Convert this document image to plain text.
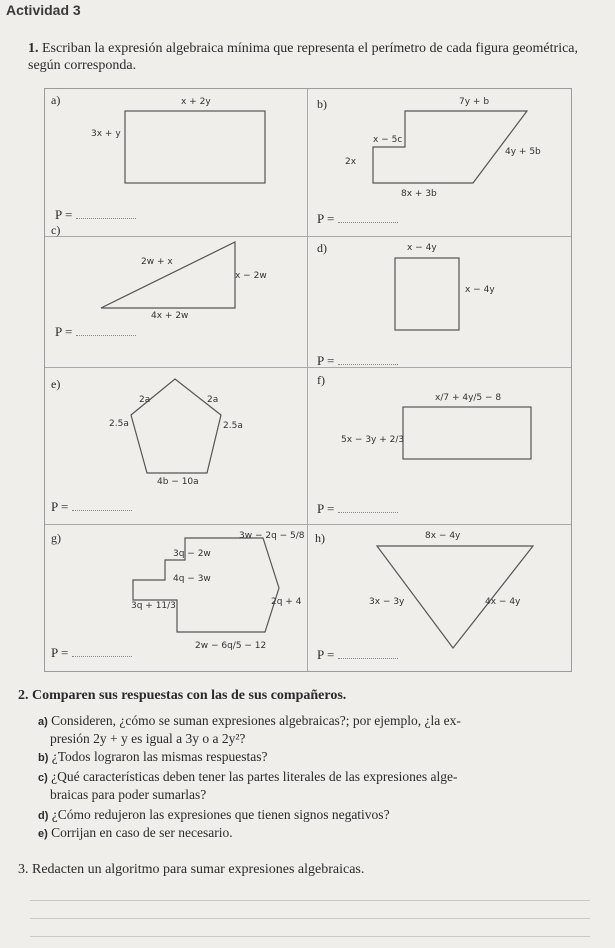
Actividad 3
1. Escriban la expresión algebraica mínima que representa el perímetro de cada figura geométrica, según corresponda.
a)	x + 2y
3x + y
P =
b)	7y + b
x − 5c
2x
4y + 5b
8x + 3b
P =
c)
2w + x
x − 2w
4x + 2w
P =
d)	x − 4y
x − 4y
P =
e)
2a	2a
2.5a	2.5a
4b − 10a
P =
f)
x/7 + 4y/5 − 8
5x − 3y + 2/3
P =
g)	3w − 2q − 5/8
3q − 2w
4q − 3w
3q + 11/3	2q + 4
2w − 6q/5 − 12
P =
h)	8x − 4y
3x − 3y	4x − 4y
P =
2. Comparen sus respuestas con las de sus compañeros.
a) Consideren, ¿cómo se suman expresiones algebraicas?; por ejemplo, ¿la ex-
presión 2y + y es igual a 3y o a 2y²?
b) ¿Todos lograron las mismas respuestas?
c) ¿Qué características deben tener las partes literales de las expresiones alge-
braicas para poder sumarlas?
d) ¿Cómo redujeron las expresiones que tienen signos negativos?
e) Corrijan en caso de ser necesario.
3. Redacten un algoritmo para sumar expresiones algebraicas.
